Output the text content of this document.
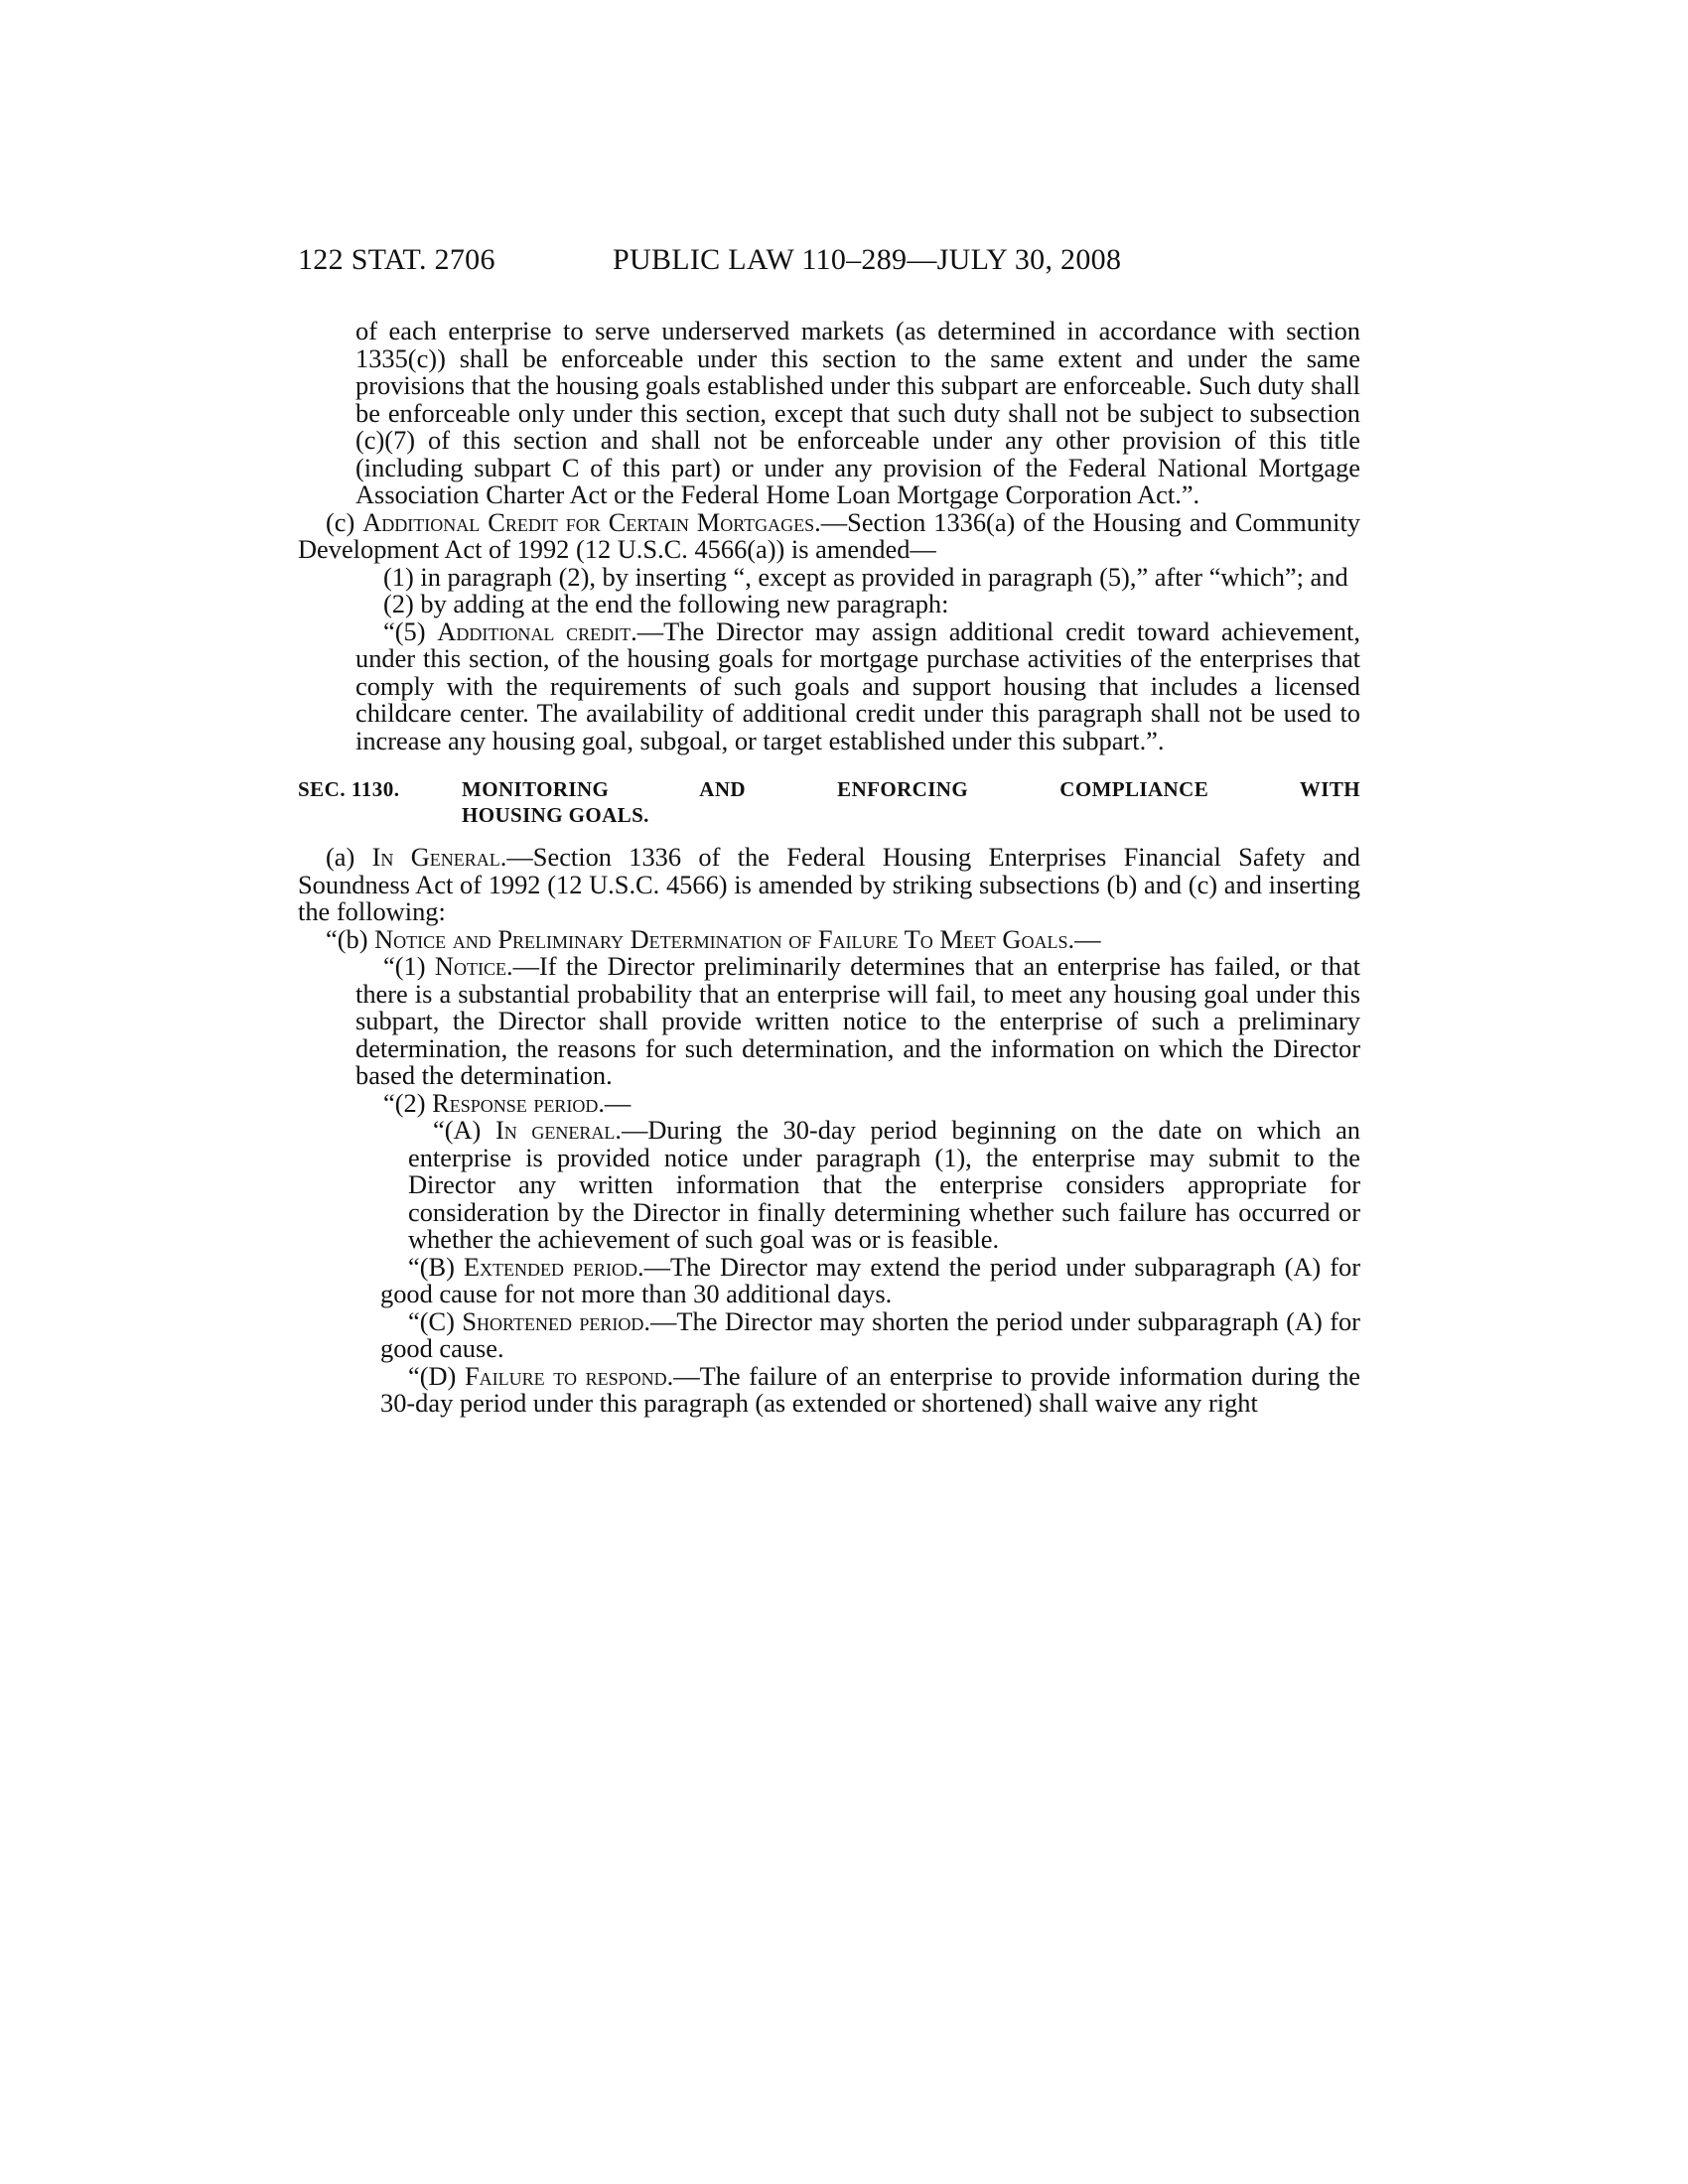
122 STAT. 2706	PUBLIC LAW 110–289—JULY 30, 2008

of each enterprise to serve underserved markets (as determined in accordance with section 1335(c)) shall be enforceable under this section to the same extent and under the same provisions that the housing goals established under this subpart are enforceable. Such duty shall be enforceable only under this section, except that such duty shall not be subject to subsection (c)(7) of this section and shall not be enforceable under any other provision of this title (including subpart C of this part) or under any provision of the Federal National Mortgage Association Charter Act or the Federal Home Loan Mortgage Corporation Act.”.

(c) Additional Credit for Certain Mortgages.—Section 1336(a) of the Housing and Community Development Act of 1992 (12 U.S.C. 4566(a)) is amended—

(1) in paragraph (2), by inserting “, except as provided in paragraph (5),” after “which”; and

(2) by adding at the end the following new paragraph:

“(5) Additional credit.—The Director may assign additional credit toward achievement, under this section, of the housing goals for mortgage purchase activities of the enterprises that comply with the requirements of such goals and support housing that includes a licensed childcare center. The availability of additional credit under this paragraph shall not be used to increase any housing goal, subgoal, or target established under this subpart.”.

SEC. 1130.	MONITORING AND ENFORCING COMPLIANCE WITH
HOUSING GOALS.

(a) In General.—Section 1336 of the Federal Housing Enterprises Financial Safety and Soundness Act of 1992 (12 U.S.C. 4566) is amended by striking subsections (b) and (c) and inserting the following:

“(b) Notice and Preliminary Determination of Failure To Meet Goals.—

“(1) Notice.—If the Director preliminarily determines that an enterprise has failed, or that there is a substantial probability that an enterprise will fail, to meet any housing goal under this subpart, the Director shall provide written notice to the enterprise of such a preliminary determination, the reasons for such determination, and the information on which the Director based the determination.

“(2) Response period.—

“(A) In general.—During the 30-day period beginning on the date on which an enterprise is provided notice under paragraph (1), the enterprise may submit to the Director any written information that the enterprise considers appropriate for consideration by the Director in finally determining whether such failure has occurred or whether the achievement of such goal was or is feasible.

“(B) Extended period.—The Director may extend the period under subparagraph (A) for good cause for not more than 30 additional days.

“(C) Shortened period.—The Director may shorten the period under subparagraph (A) for good cause.

“(D) Failure to respond.—The failure of an enterprise to provide information during the 30-day period under this paragraph (as extended or shortened) shall waive any right
